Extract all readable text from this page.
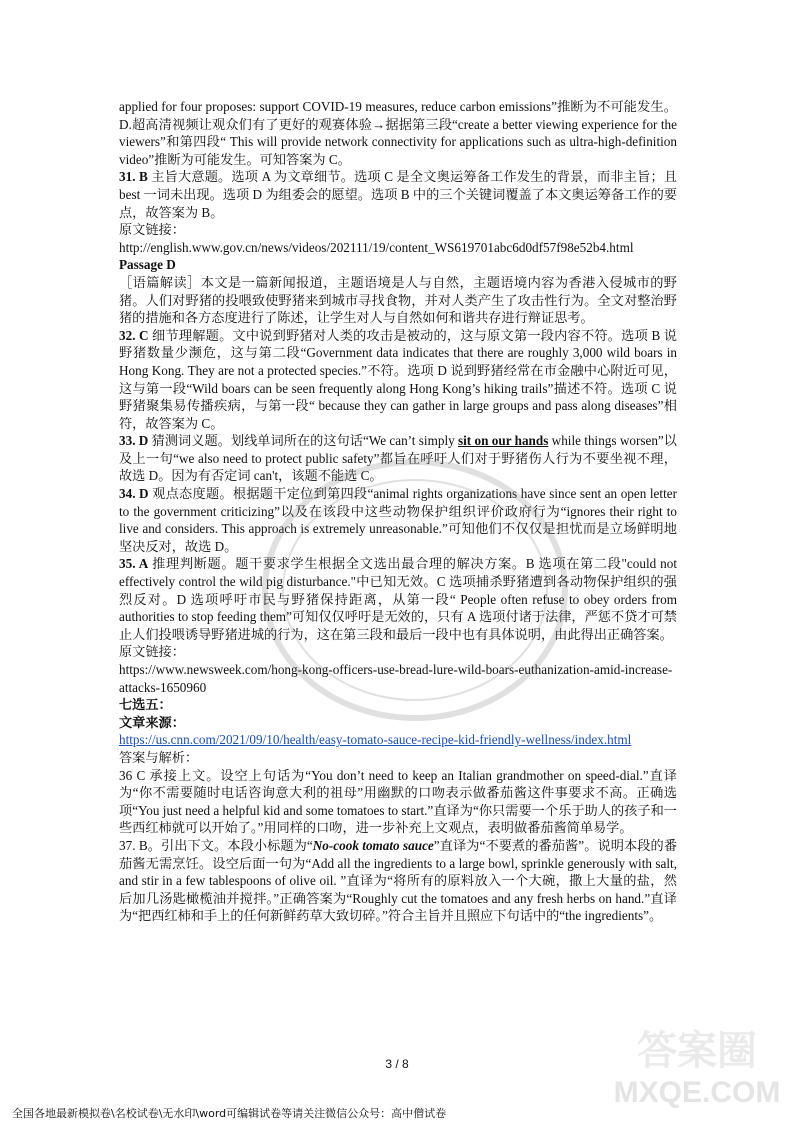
applied for four proposes: support COVID-19 measures, reduce carbon emissions”推断为不可能发生。D.超高清视频让观众们有了更好的观赛体验→据据第三段“create a better viewing experience for the viewers”和第四段“ This will provide network connectivity for applications such as ultra-high-definition video”推断为可能发生。可知答案为 C。

31. B 主旨大意题。选项 A 为文章细节。选项 C 是全文奥运筹备工作发生的背景，而非主旨；且 best 一词未出现。选项 D 为组委会的愿望。选项 B 中的三个关键词覆盖了本文奥运筹备工作的要点，故答案为 B。

原文链接：

http://english.www.gov.cn/news/videos/202111/19/content_WS619701abc6d0df57f98e52b4.html

Passage D

［语篇解读］本文是一篇新闻报道，主题语境是人与自然，主题语境内容为香港入侵城市的野猪。人们对野猪的投喂致使野猪来到城市寻找食物，并对人类产生了攻击性行为。全文对整治野猪的措施和各方态度进行了陈述，让学生对人与自然如何和谐共存进行辩证思考。

32. C 细节理解题。文中说到野猪对人类的攻击是被动的，这与原文第一段内容不符。选项 B 说野猪数量少濒危，这与第二段“Government data indicates that there are roughly 3,000 wild boars in Hong Kong. They are not a protected species.”不符。选项 D 说到野猪经常在市金融中心附近可见，这与第一段“Wild boars can be seen frequently along Hong Kong’s hiking trails”描述不符。选项 C 说野猪聚集易传播疾病，与第一段“ because they can gather in large groups and pass along diseases”相符，故答案为 C。

33. D 猜测词义题。划线单词所在的这句话“We can’t simply sit on our hands while things worsen”以及上一句“we also need to protect public safety”都旨在呼吁人们对于野猪伤人行为不要坐视不理，故选 D。因为有否定词 can't，该题不能选 C。

34. D 观点态度题。根据题干定位到第四段“animal rights organizations have since sent an open letter to the government criticizing”以及在该段中这些动物保护组织评价政府行为“ignores their right to live and considers. This approach is extremely unreasonable.”可知他们不仅仅是担忧而是立场鲜明地坚决反对，故选 D。

35. A 推理判断题。题干要求学生根据全文选出最合理的解决方案。B 选项在第二段"could not effectively control the wild pig disturbance."中已知无效。C 选项捕杀野猪遭到各动物保护组织的强烈反对。D 选项呼吁市民与野猪保持距离，从第一段“ People often refuse to obey orders from authorities to stop feeding them”可知仅仅呼吁是无效的，只有 A 选项付诸于法律，严惩不贷才可禁止人们投喂诱导野猪进城的行为，这在第三段和最后一段中也有具体说明，由此得出正确答案。

原文链接：

https://www.newsweek.com/hong-kong-officers-use-bread-lure-wild-boars-euthanization-amid-increase-attacks-1650960

七选五：

文章来源：

https://us.cnn.com/2021/09/10/health/easy-tomato-sauce-recipe-kid-friendly-wellness/index.html

答案与解析：

36 C 承接上文。设空上句话为“You don’t need to keep an Italian grandmother on speed-dial.”直译为“你不需要随时电话咨询意大利的祖母”用幽默的口吻表示做番茄酱这件事要求不高。正确选项“You just need a helpful kid and some tomatoes to start.”直译为“你只需要一个乐于助人的孩子和一些西红柿就可以开始了。”用同样的口吻，进一步补充上文观点，表明做番茄酱简单易学。

37. B。引出下文。本段小标题为“No-cook tomato sauce”直译为“不要煮的番茄酱”。说明本段的番茄酱无需烹饪。设空后面一句为“Add all the ingredients to a large bowl, sprinkle generously with salt, and stir in a few tablespoons of olive oil. ”直译为“将所有的原料放入一个大碗，撒上大量的盐，然后加几汤匙橄榄油并搅拌。”正确答案为“Roughly cut the tomatoes and any fresh herbs on hand.”直译为“把西红柿和手上的任何新鲜药草大致切碎。”符合主旨并且照应下句话中的“the ingredients”。

3 / 8	答案圈
MXQE.COM
全国各地最新模拟卷\名校试卷\无水印\word可编辑试卷等请关注微信公众号：高中僧试卷
